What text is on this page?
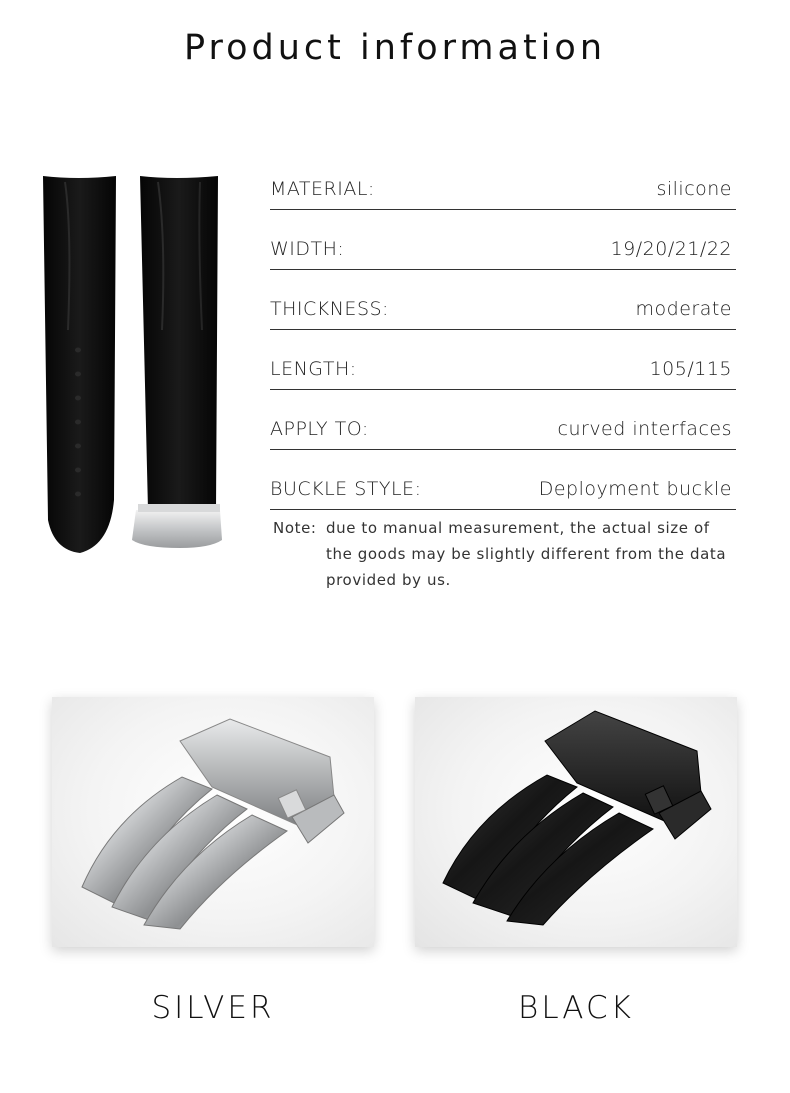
Product information
MATERIAL:	silicone
WIDTH:	19/20/21/22
THICKNESS:	moderate
LENGTH:	105/115
APPLY TO:	curved interfaces
BUCKLE STYLE:	Deployment buckle
Note: due to manual measurement, the actual size of
the goods may be slightly different from the data
provided by us.
SILVER	BLACK
